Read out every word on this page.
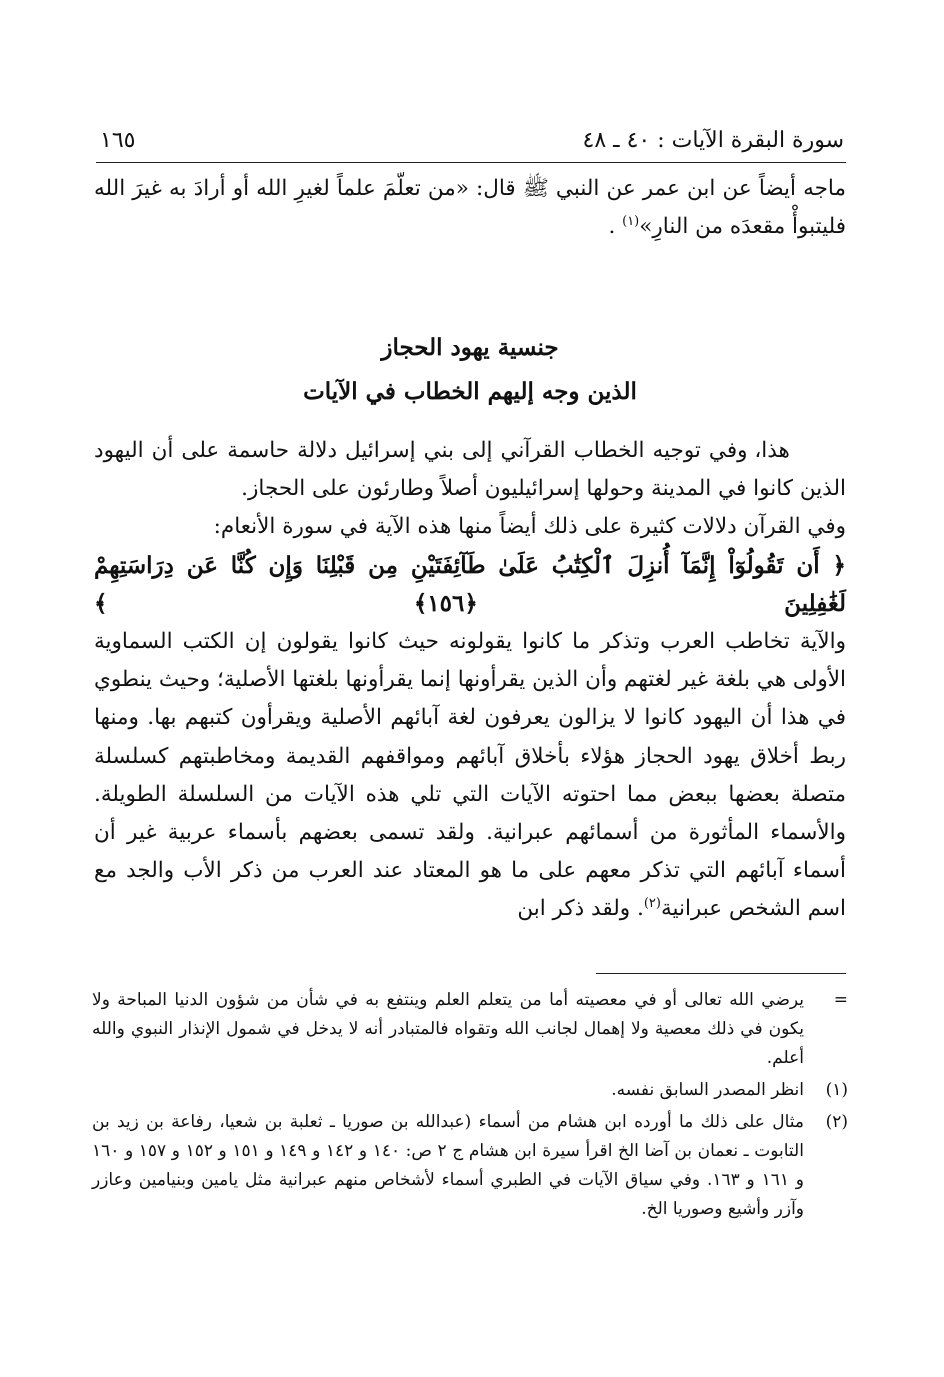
سورة البقرة الآيات : ٤٠ ـ ٤٨
١٦٥
ماجه أيضاً عن ابن عمر عن النبي ﷺ قال: «من تعلّمَ علماً لغيرِ الله أو أرادَ به غيرَ الله فليتبوأْ مقعدَه من النارِ»$^{(١)}$ .
جنسية يهود الحجاز
الذين وجه إليهم الخطاب في الآيات

هذا، وفي توجيه الخطاب القرآني إلى بني إسرائيل دلالة حاسمة على أن اليهود الذين كانوا في المدينة وحولها إسرائيليون أصلاً وطارئون على الحجاز.

وفي القرآن دلالات كثيرة على ذلك أيضاً منها هذه الآية في سورة الأنعام:
﴿ أَن تَقُولُوٓاْ إِنَّمَآ أُنزِلَ ٱلْكِتَٰبُ عَلَىٰ طَآئِفَتَيْنِ مِن قَبْلِنَا وَإِن كُنَّا عَن دِرَاسَتِهِمْ لَغَٰفِلِينَ ﴿١٥٦﴾ ﴾
والآية تخاطب العرب وتذكر ما كانوا يقولونه حيث كانوا يقولون إن الكتب السماوية الأولى هي بلغة غير لغتهم وأن الذين يقرأونها إنما يقرأونها بلغتها الأصلية؛ وحيث ينطوي في هذا أن اليهود كانوا لا يزالون يعرفون لغة آبائهم الأصلية ويقرأون كتبهم بها. ومنها ربط أخلاق يهود الحجاز هؤلاء بأخلاق آبائهم ومواقفهم القديمة ومخاطبتهم كسلسلة متصلة بعضها ببعض مما احتوته الآيات التي تلي هذه الآيات من السلسلة الطويلة. والأسماء المأثورة من أسمائهم عبرانية. ولقد تسمى بعضهم بأسماء عربية غير أن أسماء آبائهم التي تذكر معهم على ما هو المعتاد عند العرب من ذكر الأب والجد مع اسم الشخص عبرانية$^{(٢)}$. ولقد ذكر ابن

=
يرضي الله تعالى أو في معصيته أما من يتعلم العلم وينتفع به في شأن من شؤون الدنيا المباحة ولا يكون في ذلك معصية ولا إهمال لجانب الله وتقواه فالمتبادر أنه لا يدخل في شمول الإنذار النبوي والله أعلم.
(١)
انظر المصدر السابق نفسه.
(٢)
مثال على ذلك ما أورده ابن هشام من أسماء (عبدالله بن صوريا ـ ثعلبة بن شعيا، رفاعة بن زيد بن التابوت ـ نعمان بن آضا الخ اقرأ سيرة ابن هشام ج ٢ ص: ١٤٠ و ١٤٢ و ١٤٩ و ١٥١ و ١٥٢ و ١٥٧ و ١٦٠ و ١٦١ و ١٦٣. وفي سياق الآيات في الطبري أسماء لأشخاص منهم عبرانية مثل يامين وبنيامين وعازر وآزر وأشيع وصوريا الخ.
